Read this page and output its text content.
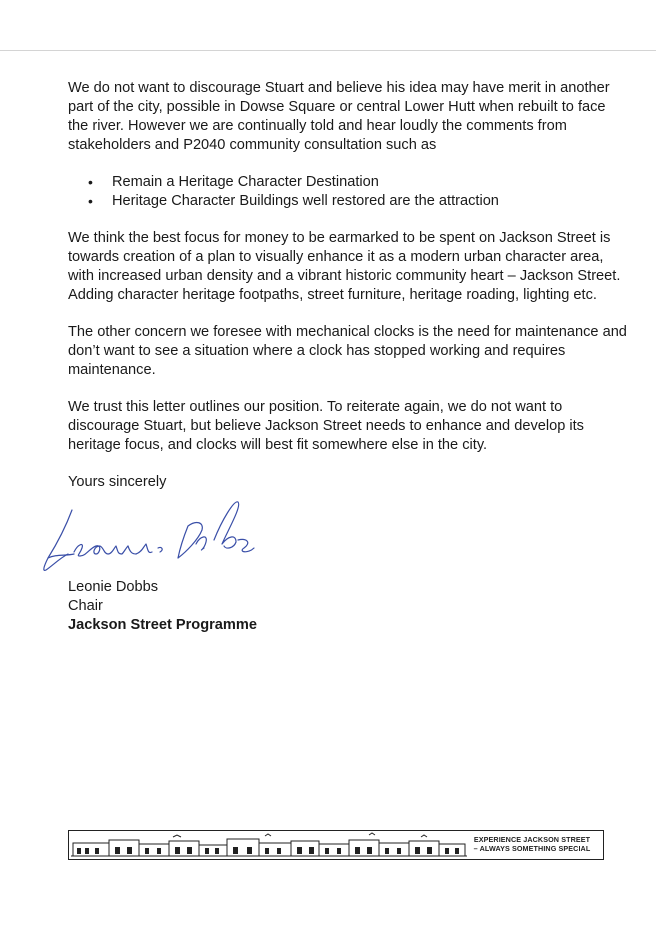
We do not want to discourage Stuart and believe his idea may have merit in another part of the city, possible in Dowse Square or central Lower Hutt when rebuilt to face the river. However we are continually told and hear loudly the comments from stakeholders and P2040 community consultation such as

• Remain a Heritage Character Destination
• Heritage Character Buildings well restored are the attraction

We think the best focus for money to be earmarked to be spent on Jackson Street is towards creation of a plan to visually enhance it as a modern urban character area, with increased urban density and a vibrant historic community heart – Jackson Street. Adding character heritage footpaths, street furniture, heritage roading, lighting etc.

The other concern we foresee with mechanical clocks is the need for maintenance and don’t want to see a situation where a clock has stopped working and requires maintenance.

We trust this letter outlines our position. To reiterate again, we do not want to discourage Stuart, but believe Jackson Street needs to enhance and develop its heritage focus, and clocks will best fit somewhere else in the city.

Yours sincerely

Leonie Dobbs

Chair

Jackson Street Programme

EXPERIENCE JACKSON STREET
– ALWAYS SOMETHING SPECIAL
